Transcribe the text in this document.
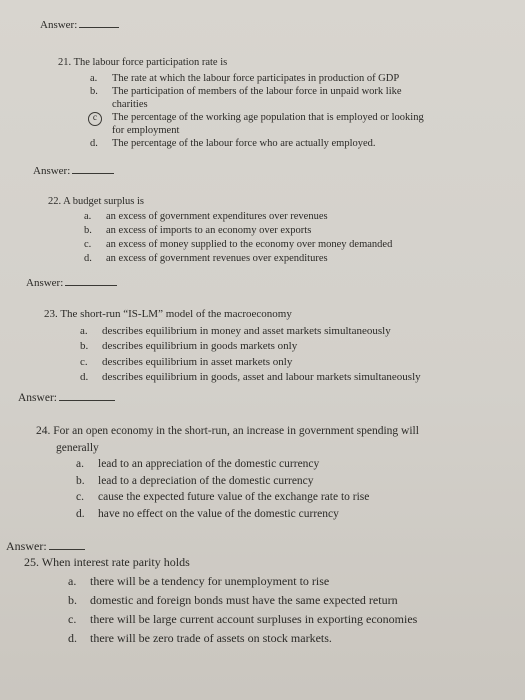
Answer:
21. The labour force participation rate is
a.	The rate at which the labour force participates in production of GDP
b.	The participation of members of the labour force in unpaid work like
charities
c	The percentage of the working age population that is employed or looking
for employment
d.	The percentage of the labour force who are actually employed.
Answer:
22. A budget surplus is
a.	an excess of government expenditures over revenues
b.	an excess of imports to an economy over exports
c.	an excess of money supplied to the economy over money demanded
d.	an excess of government revenues over expenditures
Answer:
23. The short-run “IS-LM” model of the macroeconomy
a.	describes equilibrium in money and asset markets simultaneously
b.	describes equilibrium in goods markets only
c.	describes equilibrium in asset markets only
d.	describes equilibrium in goods, asset and labour markets simultaneously
Answer:
24. For an open economy in the short-run, an increase in government spending will
generally
a.	lead to an appreciation of the domestic currency
b.	lead to a depreciation of the domestic currency
c.	cause the expected future value of the exchange rate to rise
d.	have no effect on the value of the domestic currency
Answer:
25. When interest rate parity holds
a.	there will be a tendency for unemployment to rise
b.	domestic and foreign bonds must have the same expected return
c.	there will be large current account surpluses in exporting economies
d.	there will be zero trade of assets on stock markets.
